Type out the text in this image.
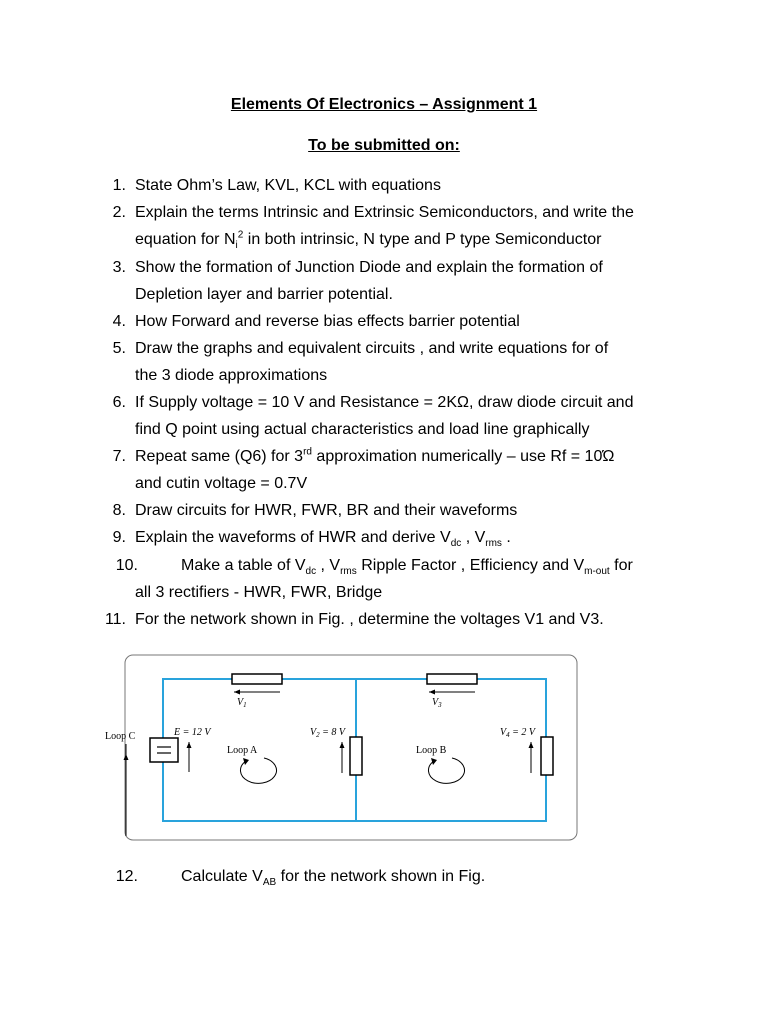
Elements Of Electronics – Assignment 1
To be submitted on:
1. State Ohm’s Law, KVL, KCL with equations
2. Explain the terms Intrinsic and Extrinsic Semiconductors, and write the
equation for $N_i^2$ in both intrinsic, N type and P type Semiconductor
3. Show the formation of Junction Diode and explain the formation of
Depletion layer and barrier potential.
4. How Forward and reverse bias effects barrier potential
5. Draw the graphs and equivalent circuits , and write equations for of
the 3 diode approximations
6. If Supply voltage = 10 V and Resistance = 2KΩ, draw diode circuit and
find Q point using actual characteristics and load line graphically
7. Repeat same (Q6) for 3rd approximation numerically – use Rf = 10Ώ
and cutin voltage = 0.7V
8. Draw circuits for HWR, FWR, BR and their waveforms
9. Explain the waveforms of HWR and derive $V_{dc}$ , $V_{rms}$ .
10.	Make a table of $V_{dc}$ , $V_{rms}$ Ripple Factor , Efficiency and $V_{m-out}$ for
all 3 rectifiers - HWR, FWR, Bridge
11. For the network shown in Fig. , determine the voltages V1 and V3.
$V_1$	$V_3$
Loop C	E = 12 V
Loop A
$V_2 = 8$ V
Loop B
$V_4 = 2$ V
12.	Calculate $V_{AB}$ for the network shown in Fig.
